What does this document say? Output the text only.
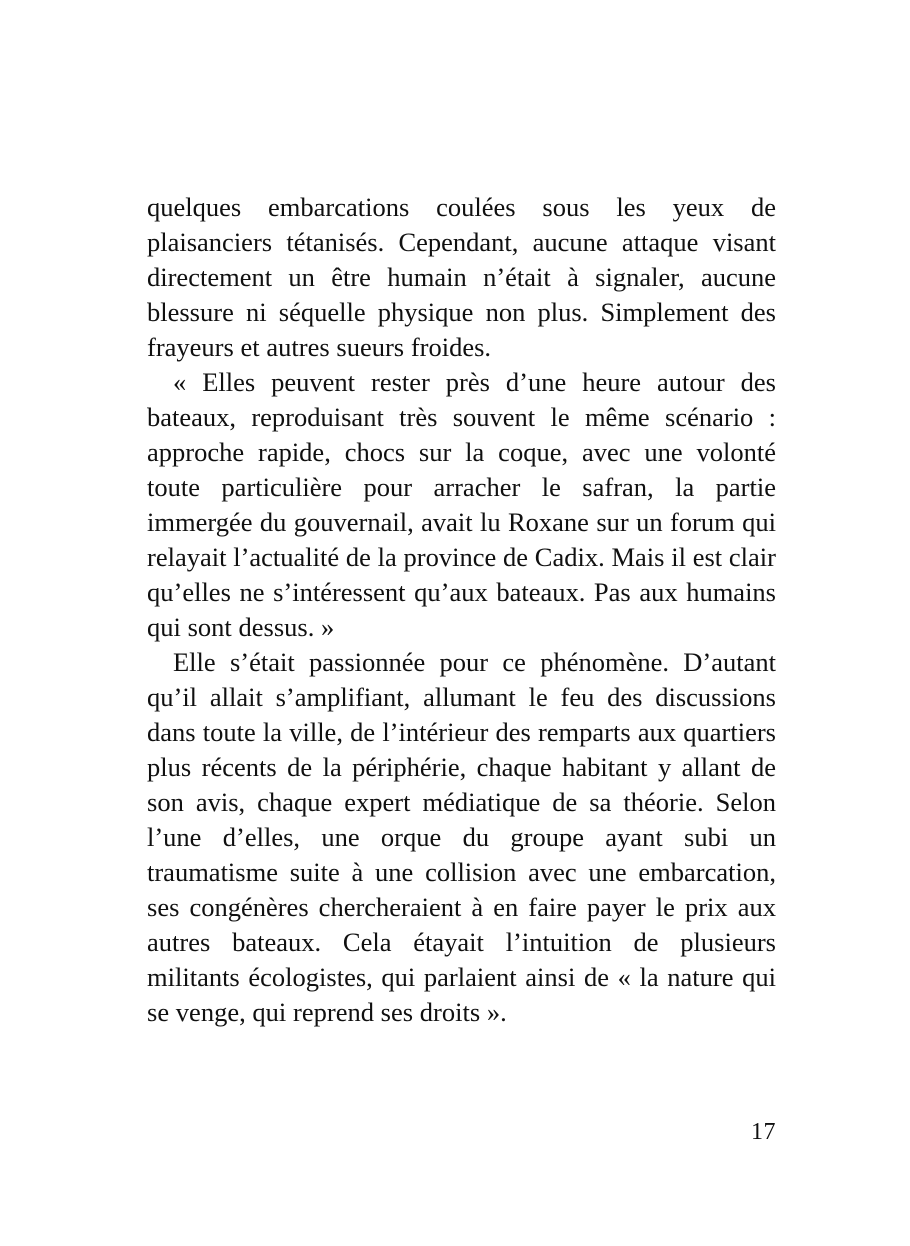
quelques embarcations coulées sous les yeux de plaisanciers tétanisés. Cependant, aucune attaque visant directement un être humain n’était à signaler, aucune blessure ni séquelle physique non plus. Simplement des frayeurs et autres sueurs froides.

« Elles peuvent rester près d’une heure autour des bateaux, reproduisant très souvent le même scénario : approche rapide, chocs sur la coque, avec une volonté toute particulière pour arracher le safran, la partie immergée du gouvernail, avait lu Roxane sur un forum qui relayait l’actualité de la province de Cadix. Mais il est clair qu’elles ne s’intéressent qu’aux bateaux. Pas aux humains qui sont dessus. »

Elle s’était passionnée pour ce phénomène. D’autant qu’il allait s’amplifiant, allumant le feu des discussions dans toute la ville, de l’intérieur des remparts aux quartiers plus récents de la périphérie, chaque habitant y allant de son avis, chaque expert médiatique de sa théorie. Selon l’une d’elles, une orque du groupe ayant subi un traumatisme suite à une collision avec une embarcation, ses congénères chercheraient à en faire payer le prix aux autres bateaux. Cela étayait l’intuition de plusieurs militants écologistes, qui parlaient ainsi de « la nature qui se venge, qui reprend ses droits ».

17
